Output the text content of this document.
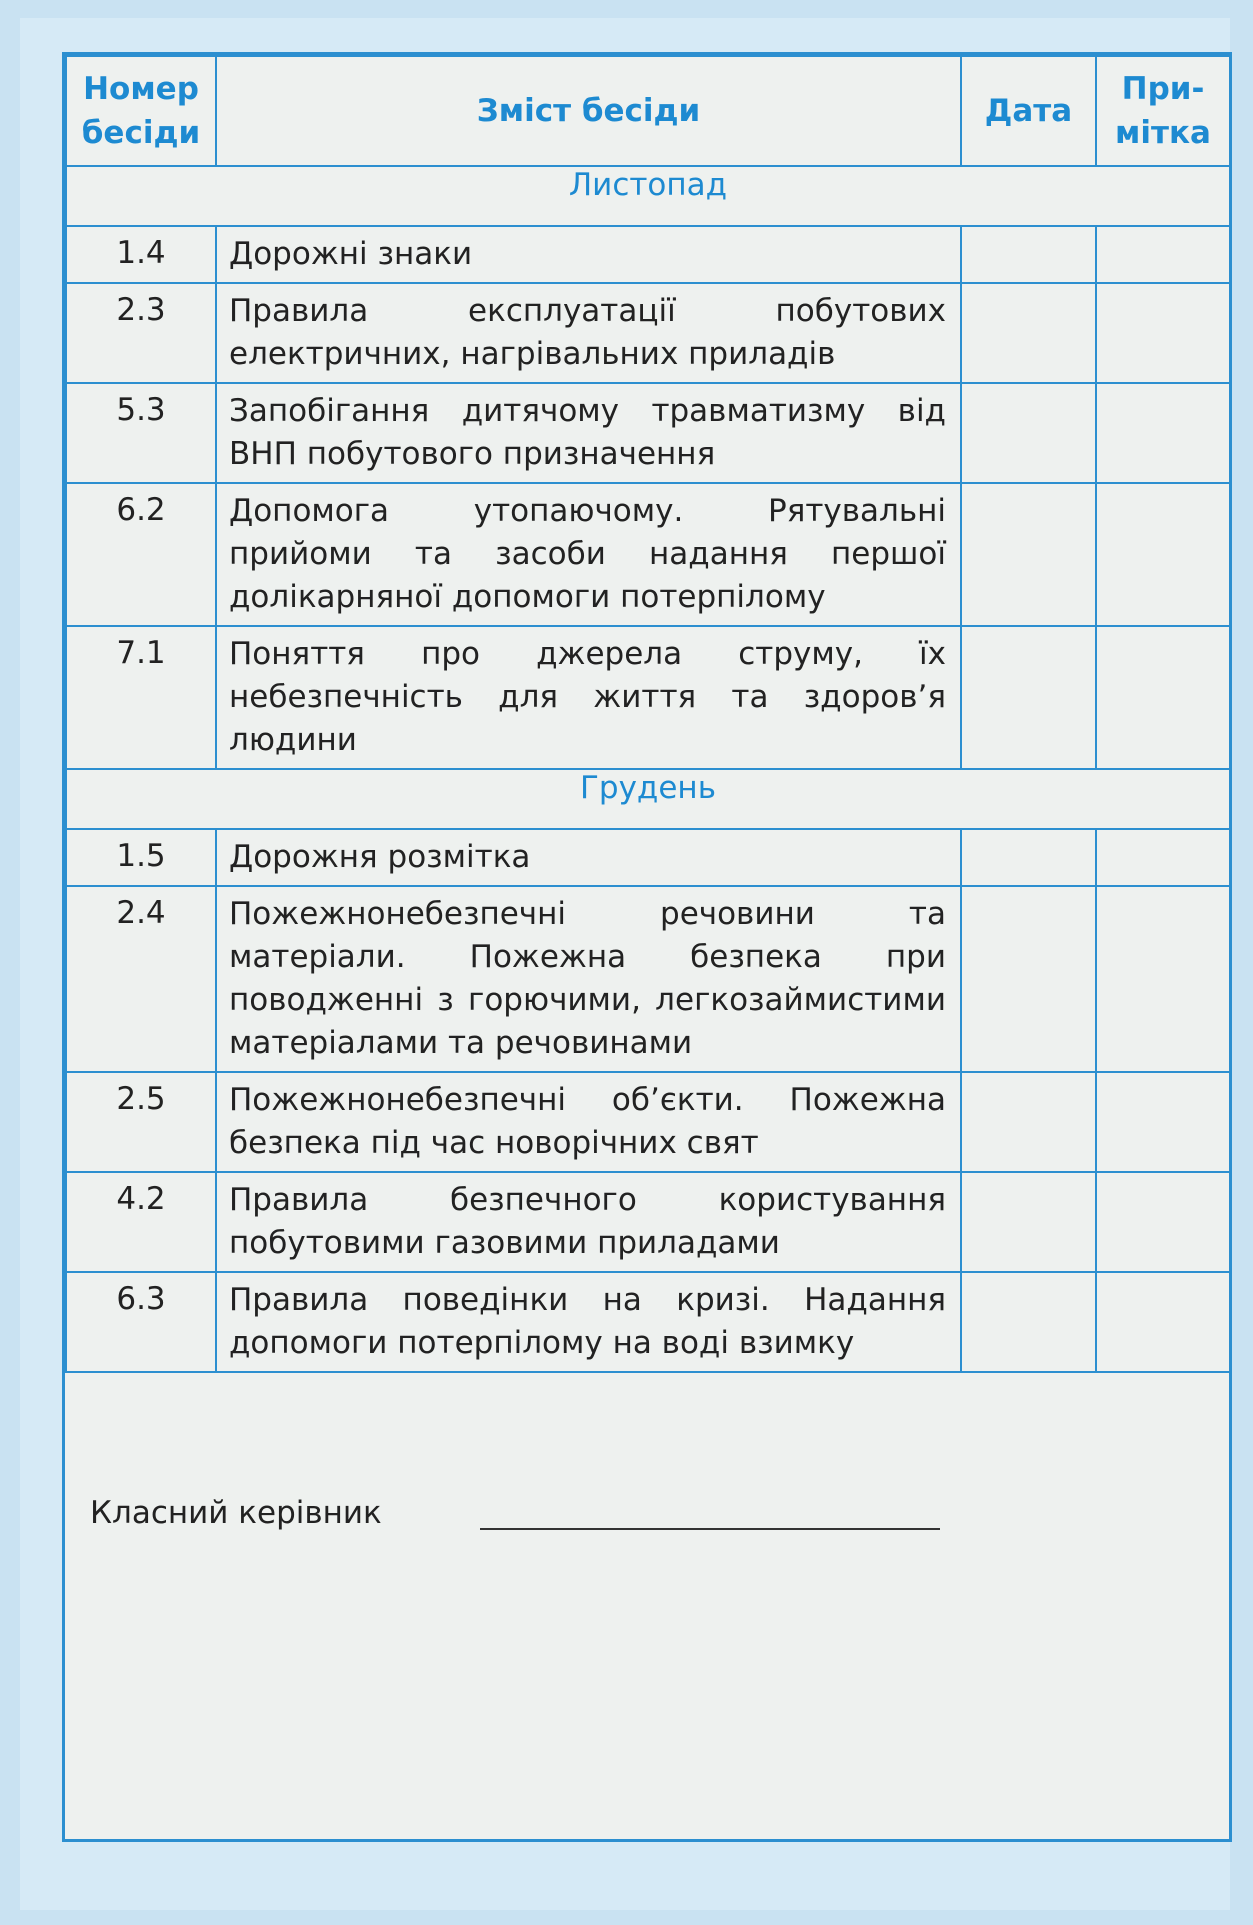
Номер бесіди	Зміст бесіди	Дата	При-мітка
Листопад			
1.4	Дорожні знаки		
2.3	Правила експлуатації побутових електричних, нагрівальних приладів		
5.3	Запобігання дитячому травматизму від ВНП побутового призначення		
6.2	Допомога утопаючому. Рятувальні прийоми та засоби надання першої долікарняної допомоги потерпілому		
7.1	Поняття про джерела струму, їх небезпечність для життя та здоров’я людини		
Грудень			
1.5	Дорожня розмітка		
2.4	Пожежнонебезпечні речовини та матеріали. Пожежна безпека при поводженні з горючими, легкозаймистими матеріалами та речовинами		
2.5	Пожежнонебезпечні об’єкти. Пожежна безпека під час новорічних свят		
4.2	Правила безпечного користування побутовими газовими приладами		
6.3	Правила поведінки на кризі. Надання допомоги потерпілому на воді взимку		
Класний керівник
